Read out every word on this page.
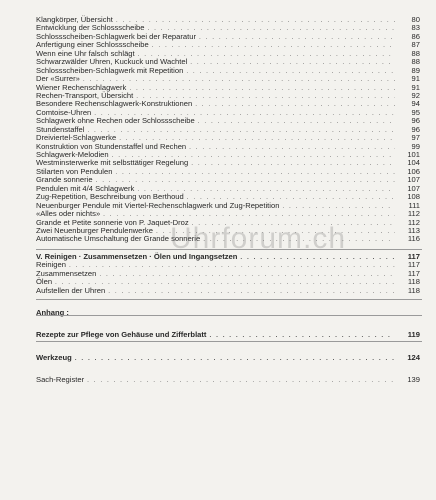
Klangkörper, Übersicht . . .	80
Entwicklung der Schlossscheibe . . .	83
Schlossscheiben-Schlagwerk bei der Reparatur . . .	86
Anfertigung einer Schlossscheibe . . .	87
Wenn eine Uhr falsch schlägt . . .	88
Schwarzwälder Uhren, Kuckuck und Wachtel . . .	88
Schlossscheiben-Schlagwerk mit Repetition . . .	89
Der «Surrer» . . .	91
Wiener Rechenschlagwerk . . .	91
Rechen-Transport, Übersicht . . .	92
Besondere Rechenschlagwerk-Konstruktionen . . .	94
Comtoise-Uhren . . .	95
Schlagwerk ohne Rechen oder Schlossscheibe . . .	96
Stundenstaffel . . .	96
Dreiviertel-Schlagwerke . . .	97
Konstruktion von Stundenstaffel und Rechen . . .	99
Schlagwerk-Melodien . . .	101
Westminsterwerke mit selbsttätiger Regelung . . .	104
Stilarten von Pendulen . . .	106
Grande sonnerie . . .	107
Pendulen mit 4/4 Schlagwerk . . .	107
Zug-Repetition, Beschreibung von Berthoud . . .	108
Neuenburger Pendule mit Viertel-Rechenschlagwerk und Zug-Repetition . . .	111
«Alles oder nichts» . . .	112
Grande et Petite sonnerie von P. Jaquet-Droz . . .	112
Zwei Neuenburger Pendulenwerke . . .	113
Automatische Umschaltung der Grande sonnerie . . .	116
V. Reinigen · Zusammensetzen · Ölen und Ingangsetzen . . .	117
Reinigen . . .	117
Zusammensetzen . . .	117
Ölen . . .	118
Aufstellen der Uhren . . .	118
Anhang :
Rezepte zur Pflege von Gehäuse und Zifferblatt . . .	119
Werkzeug . . .	124
Sach-Register . . .	139
Uhrforum.ch
